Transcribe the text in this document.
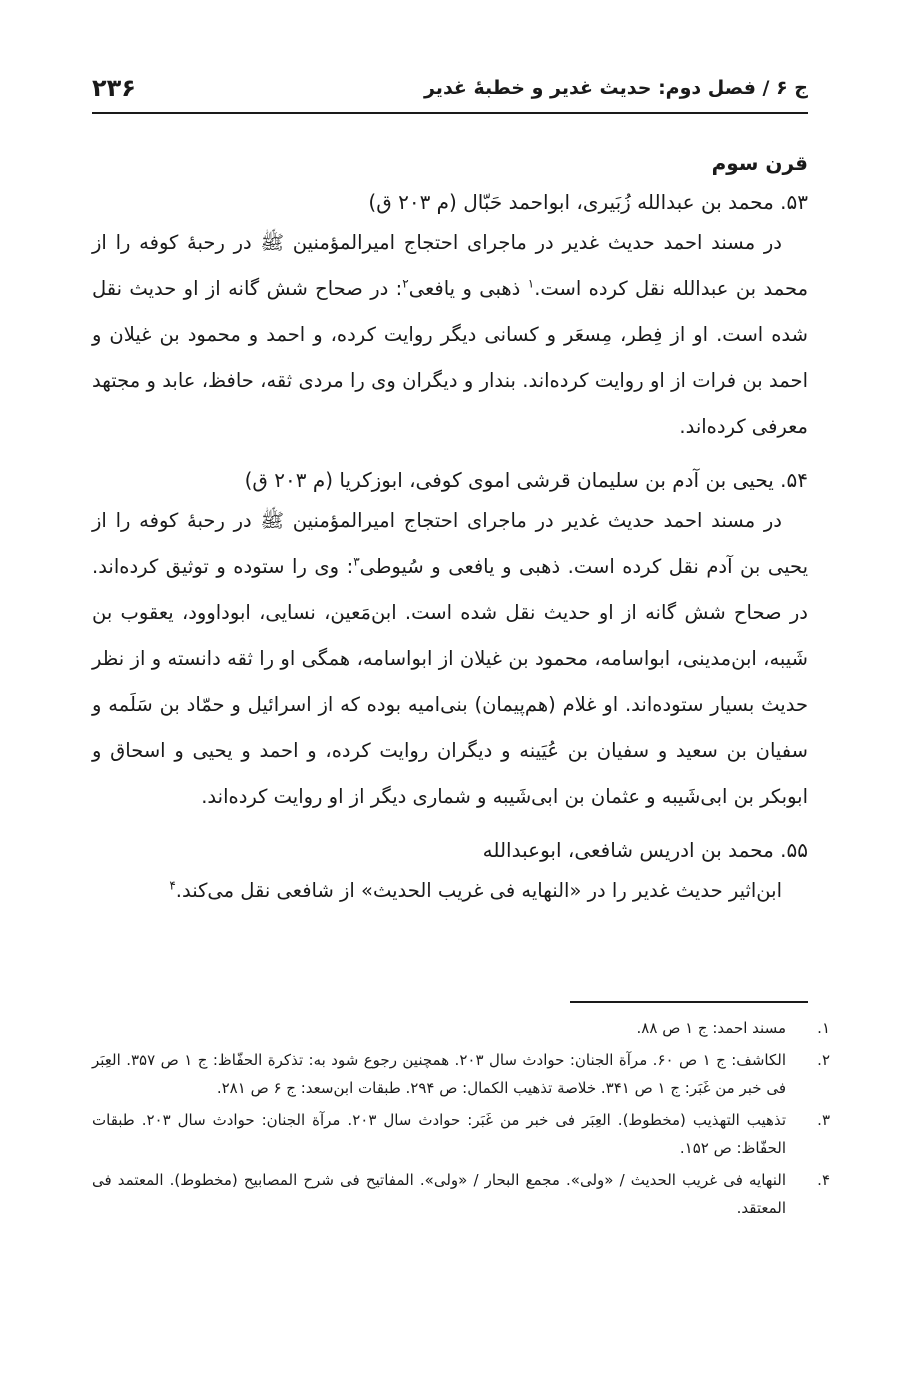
ج ۶ / فصل دوم: حدیث غدیر و خطبهٔ غدیر
۲۳۶
قرن سوم

۵۳. محمد بن عبدالله زُبَیری، ابواحمد حَبّال (م ۲۰۳ ق)

در مسند احمد حدیث غدیر در ماجرای احتجاج امیرالمؤمنین ﷺ در رحبهٔ کوفه را از محمد بن عبدالله نقل کرده است.$^۱$ ذهبی و یافعی$^۲$: در صحاح شش گانه از او حدیث نقل شده است. او از فِطر، مِسعَر و کسانی دیگر روایت کرده، و احمد و محمود بن غیلان و احمد بن فرات از او روایت کرده‌اند. بندار و دیگران وی را مردی ثقه، حافظ، عابد و مجتهد معرفی کرده‌اند.

۵۴. یحیی بن آدم بن سلیمان قرشی اموی کوفی، ابوزکریا (م ۲۰۳ ق)

در مسند احمد حدیث غدیر در ماجرای احتجاج امیرالمؤمنین ﷺ در رحبهٔ کوفه را از یحیی بن آدم نقل کرده است. ذهبی و یافعی و سُیوطی$^۳$: وی را ستوده و توثیق کرده‌اند. در صحاح شش گانه از او حدیث نقل شده است. ابن‌مَعین، نسایی، ابوداوود، یعقوب بن شَیبه، ابن‌مدینی، ابواسامه، محمود بن غیلان از ابواسامه، همگی او را ثقه دانسته و از نظر حدیث بسیار ستوده‌اند. او غلام (هم‌پیمان) بنی‌امیه بوده که از اسرائیل و حمّاد بن سَلَمه و سفیان بن سعید و سفیان بن عُیَینه و دیگران روایت کرده، و احمد و یحیی و اسحاق و ابوبکر بن ابی‌شَیبه و عثمان بن ابی‌شَیبه و شماری دیگر از او روایت کرده‌اند.

۵۵. محمد بن ادریس شافعی، ابوعبدالله

ابن‌اثیر حدیث غدیر را در «النهایه فی غریب الحدیث» از شافعی نقل می‌کند.$^۴$

۱.مسند احمد: ج ۱ ص ۸۸.

۲.الکاشف: ج ۱ ص ۶۰. مرآة الجنان: حوادث سال ۲۰۳. همچنین رجوع شود به: تذکرة الحفّاظ: ج ۱ ص ۳۵۷. العِبَر فی خبر من غَبَر: ج ۱ ص ۳۴۱. خلاصة تذهیب الکمال: ص ۲۹۴. طبقات ابن‌سعد: ج ۶ ص ۲۸۱.

۳.تذهیب التهذیب (مخطوط). العِبَر فی خبر من غَبَر: حوادث سال ۲۰۳. مرآة الجنان: حوادث سال ۲۰۳. طبقات الحفّاظ: ص ۱۵۲.

۴.النهایه فی غریب الحدیث / «ولی». مجمع البحار / «ولی». المفاتیح فی شرح المصابیح (مخطوط). المعتمد فی المعتقد.
